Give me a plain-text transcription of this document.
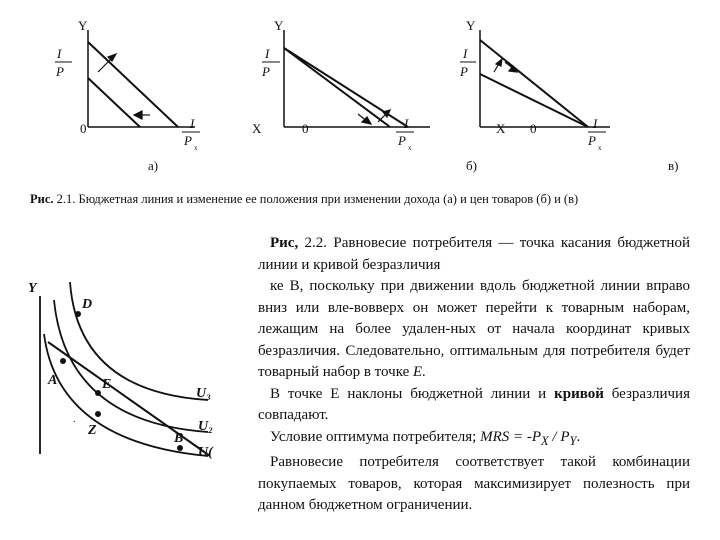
Y
I
P
0	I
P x
а)
Y
I
P
0	I
P x
б)
Y
I
P
X	X 0	I
P x
в)
Рис. 2.1. Бюджетная линия и изменение ее положения при изменении дохода (а) и цен товаров (б) и (в)
Y
D
A	E
Z
B
U₃
U₂
U(
.

Рис, 2.2. Равновесие потребителя — точка касания бюджетной линии и кривой безразличия

ке В, поскольку при движении вдоль бюджетной линии вправо вниз или вле-вовверх он может перейти к товарным наборам, лежащим на более удален-ных от начала координат кривых безразличия. Следовательно, оптимальным для потребителя будет товарный набор в точке Е.

В точке Е наклоны бюджетной линии и кривой безразличия совпадают.

Условие оптимума потребителя; MRS = $-P_X / P_Y$.

Равновесие потребителя соответствует такой комбинации покупаемых товаров, которая максимизирует полезность при данном бюджетном ограничении.
